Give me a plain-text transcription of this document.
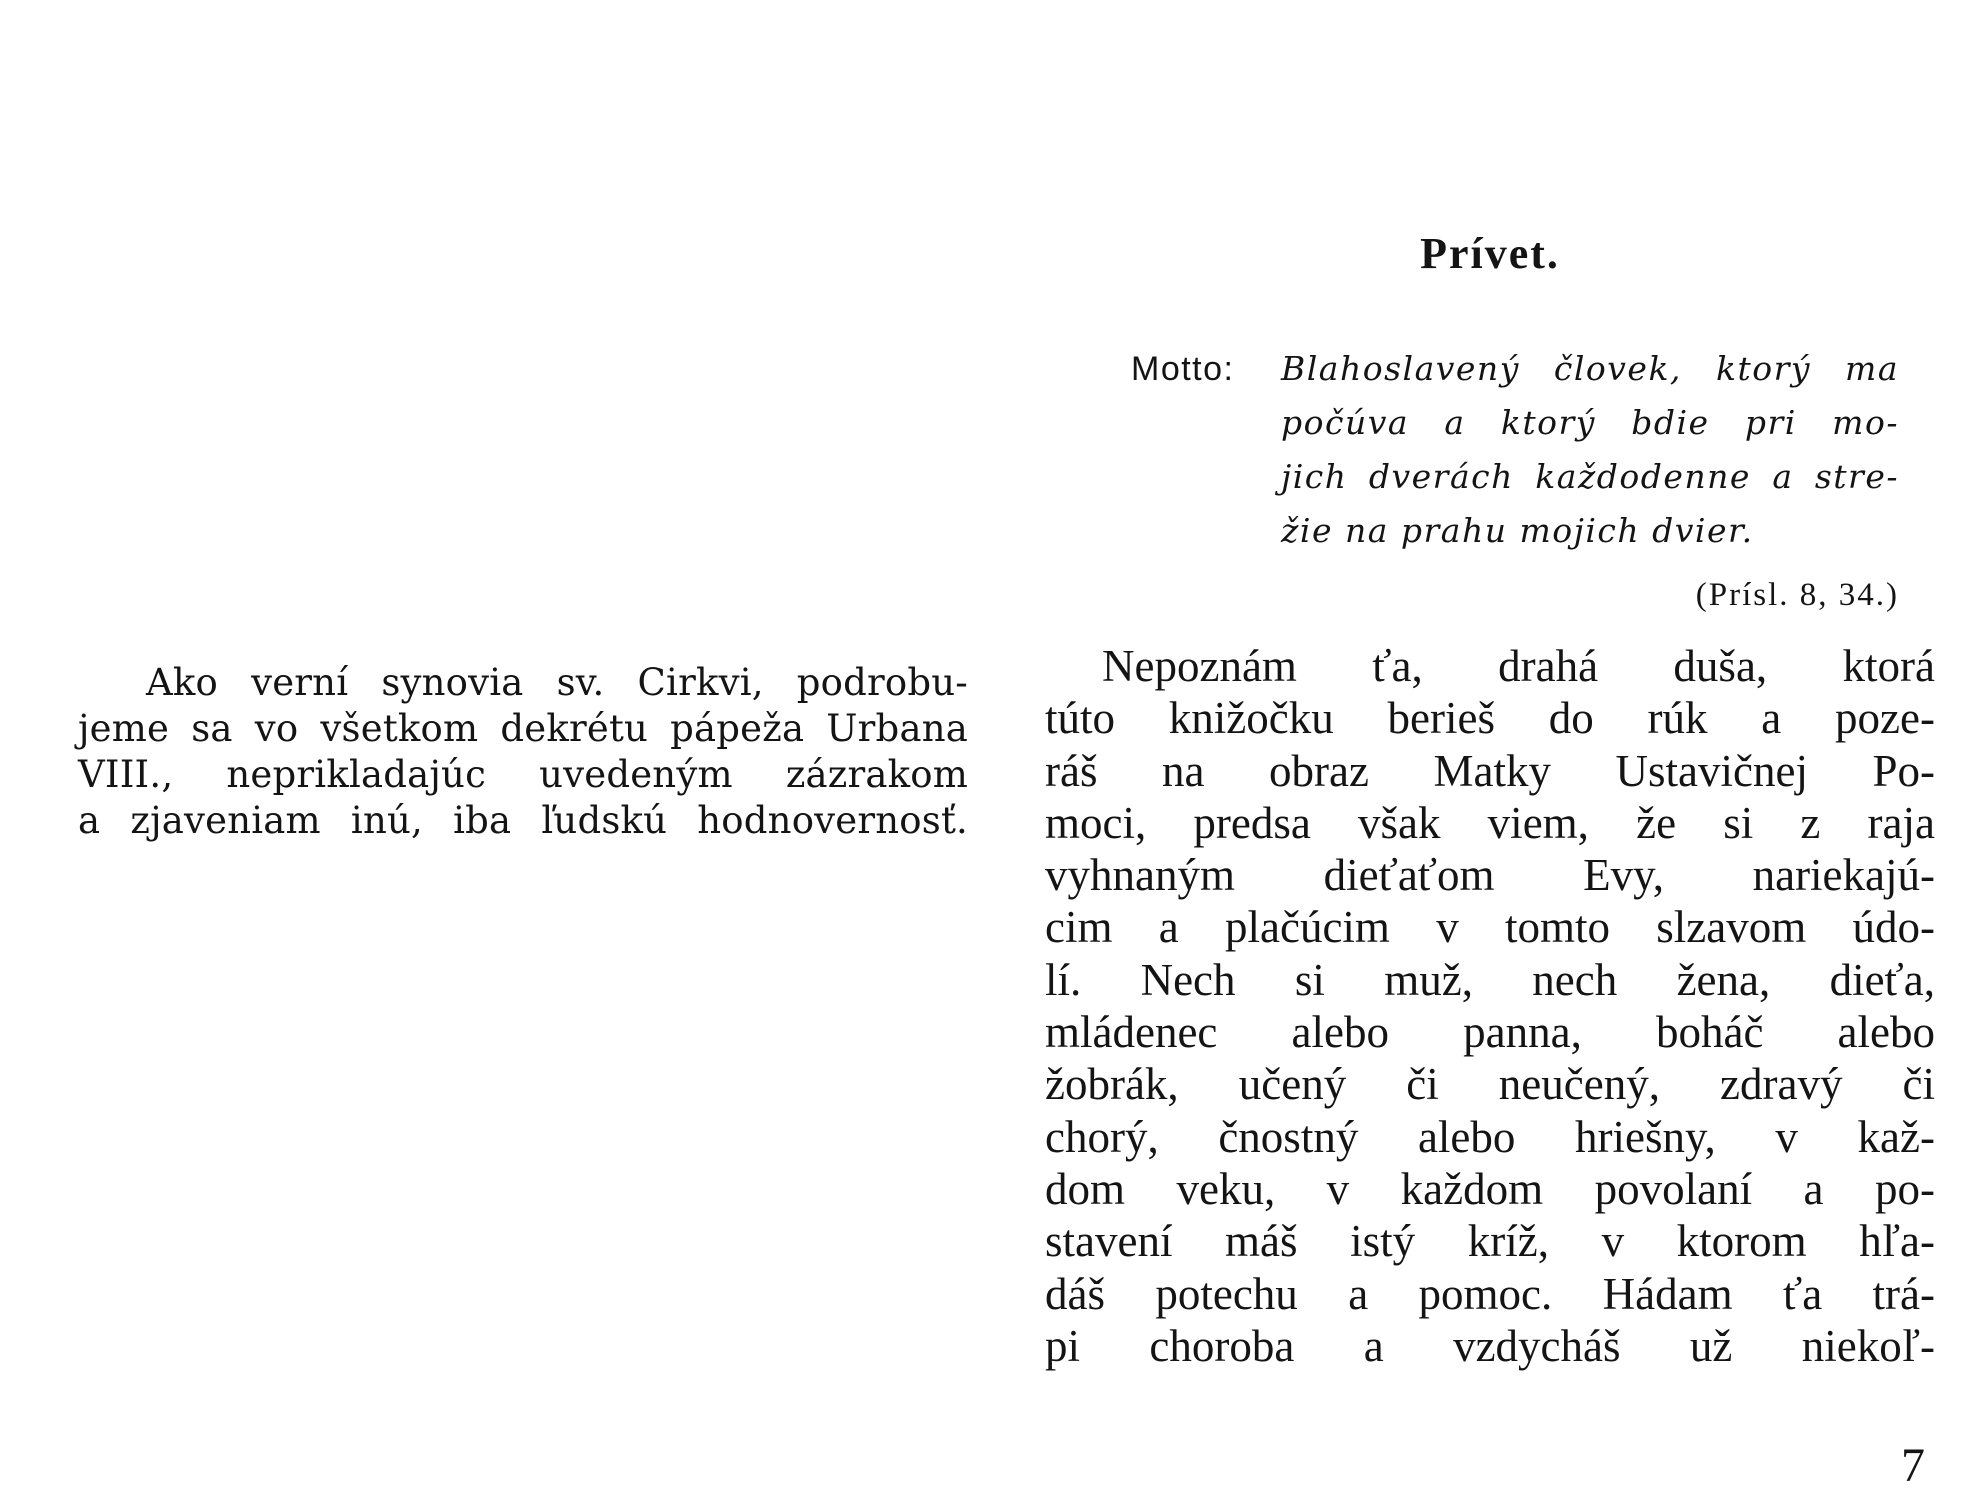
Ako verní synovia sv. Cirkvi, podrobu-
jeme sa vo všetkom dekrétu pápeža Urbana
VIII., neprikladajúc uvedeným zázrakom
a zjaveniam inú, iba ľudskú hodnovernosť.

Prívet.
Motto: Blahoslavený človek, ktorý ma
počúva a ktorý bdie pri mo-
jich dverách každodenne a stre-
žie na prahu mojich dvier.
(Prísl. 8, 34.)

Nepoznám ťa, drahá duša, ktorá
túto knižočku berieš do rúk a poze-
ráš na obraz Matky Ustavičnej Po-
moci, predsa však viem, že si z raja
vyhnaným dieťaťom Evy, nariekajú-
cim a plačúcim v tomto slzavom údo-
lí. Nech si muž, nech žena, dieťa,
mládenec alebo panna, boháč alebo
žobrák, učený či neučený, zdravý či
chorý, čnostný alebo hriešny, v kaž-
dom veku, v každom povolaní a po-
stavení máš istý kríž, v ktorom hľa-
dáš potechu a pomoc. Hádam ťa trá-
pi choroba a vzdycháš už niekoľ-

7
